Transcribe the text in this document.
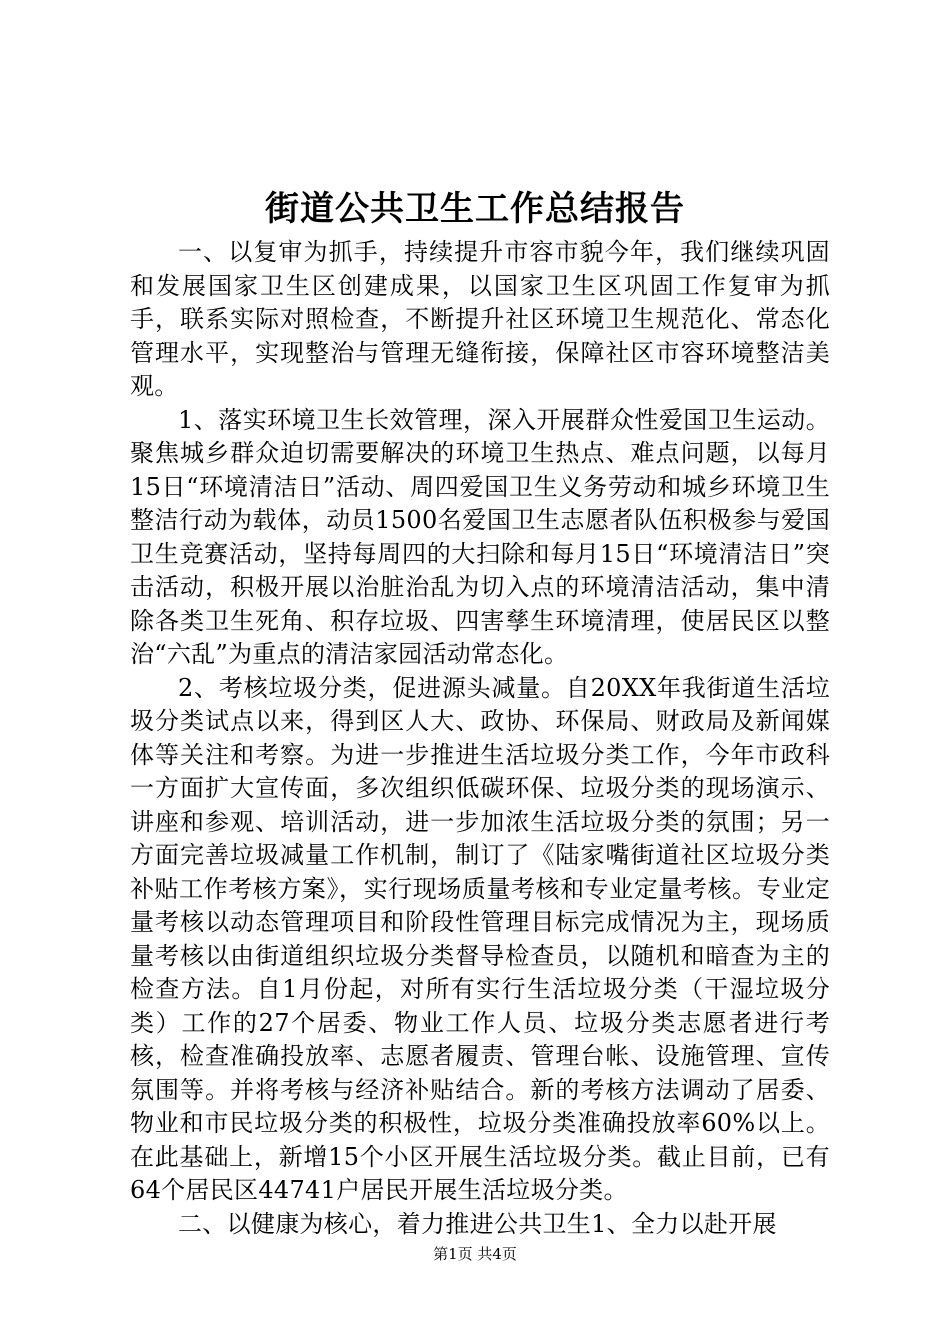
街道公共卫生工作总结报告

一、以复审为抓手，持续提升市容市貌今年，我们继续巩固和发展国家卫生区创建成果，以国家卫生区巩固工作复审为抓手，联系实际对照检查，不断提升社区环境卫生规范化、常态化管理水平，实现整治与管理无缝衔接，保障社区市容环境整洁美观。

1、落实环境卫生长效管理，深入开展群众性爱国卫生运动。聚焦城乡群众迫切需要解决的环境卫生热点、难点问题，以每月15日“环境清洁日”活动、周四爱国卫生义务劳动和城乡环境卫生整洁行动为载体，动员1500名爱国卫生志愿者队伍积极参与爱国卫生竞赛活动，坚持每周四的大扫除和每月15日“环境清洁日”突击活动，积极开展以治脏治乱为切入点的环境清洁活动，集中清除各类卫生死角、积存垃圾、四害孳生环境清理，使居民区以整治“六乱”为重点的清洁家园活动常态化。

2、考核垃圾分类，促进源头减量。自20XX年我街道生活垃圾分类试点以来，得到区人大、政协、环保局、财政局及新闻媒体等关注和考察。为进一步推进生活垃圾分类工作，今年市政科一方面扩大宣传面，多次组织低碳环保、垃圾分类的现场演示、讲座和参观、培训活动，进一步加浓生活垃圾分类的氛围；另一方面完善垃圾减量工作机制，制订了《陆家嘴街道社区垃圾分类补贴工作考核方案》，实行现场质量考核和专业定量考核。专业定量考核以动态管理项目和阶段性管理目标完成情况为主，现场质量考核以由街道组织垃圾分类督导检查员，以随机和暗查为主的检查方法。自1月份起，对所有实行生活垃圾分类（干湿垃圾分类）工作的27个居委、物业工作人员、垃圾分类志愿者进行考核，检查准确投放率、志愿者履责、管理台帐、设施管理、宣传氛围等。并将考核与经济补贴结合。新的考核方法调动了居委、物业和市民垃圾分类的积极性，垃圾分类准确投放率60%以上。在此基础上，新增15个小区开展生活垃圾分类。截止目前，已有64个居民区44741户居民开展生活垃圾分类。

二、以健康为核心，着力推进公共卫生1、全力以赴开展

第1页 共4页
